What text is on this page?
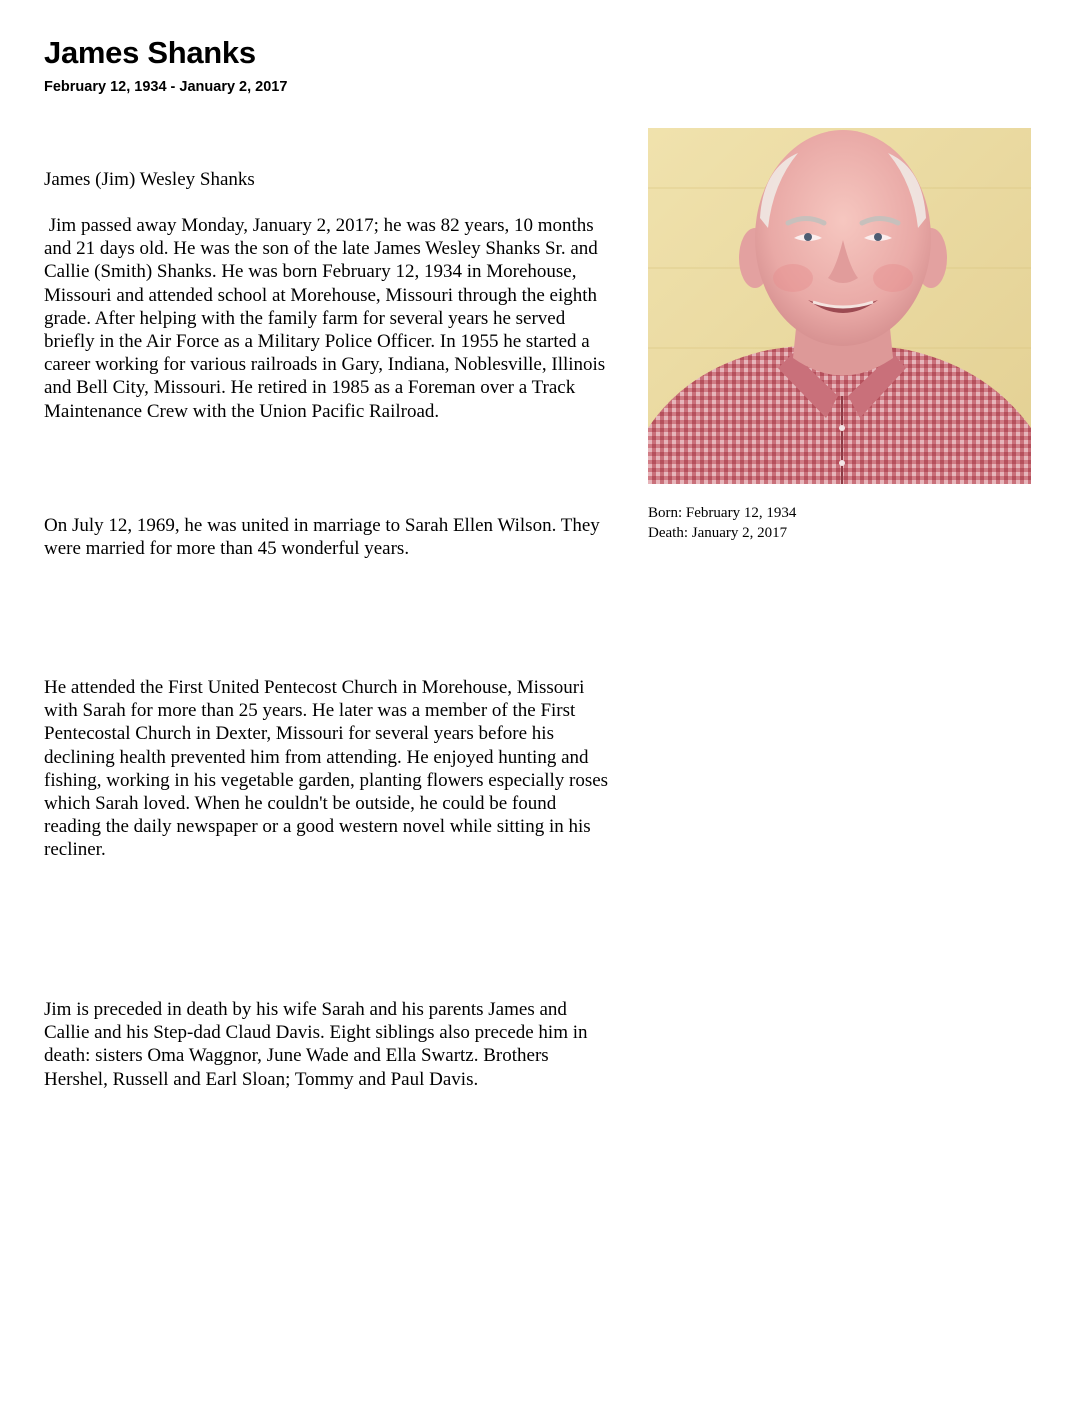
James Shanks
February 12, 1934 - January 2, 2017

James (Jim) Wesley Shanks

Jim passed away Monday, January 2, 2017; he was 82 years, 10 months and 21 days old. He was the son of the late James Wesley Shanks Sr. and Callie (Smith) Shanks. He was born February 12, 1934 in Morehouse, Missouri and attended school at Morehouse, Missouri through the eighth grade. After helping with the family farm for several years he served briefly in the Air Force as a Military Police Officer. In 1955 he started a career working for various railroads in Gary, Indiana, Noblesville, Illinois and Bell City, Missouri. He retired in 1985 as a Foreman over a Track Maintenance Crew with the Union Pacific Railroad.

On July 12, 1969, he was united in marriage to Sarah Ellen Wilson. They were married for more than 45 wonderful years.

He attended the First United Pentecost Church in Morehouse, Missouri with Sarah for more than 25 years. He later was a member of the First Pentecostal Church in Dexter, Missouri for several years before his declining health prevented him from attending. He enjoyed hunting and fishing, working in his vegetable garden, planting flowers especially roses which Sarah loved. When he couldn't be outside, he could be found reading the daily newspaper or a good western novel while sitting in his recliner.

Jim is preceded in death by his wife Sarah and his parents James and Callie and his Step-dad Claud Davis. Eight siblings also precede him in death: sisters Oma Waggnor, June Wade and Ella Swartz. Brothers Hershel, Russell and Earl Sloan; Tommy and Paul Davis.

Born: February 12, 1934
Death: January 2, 2017
